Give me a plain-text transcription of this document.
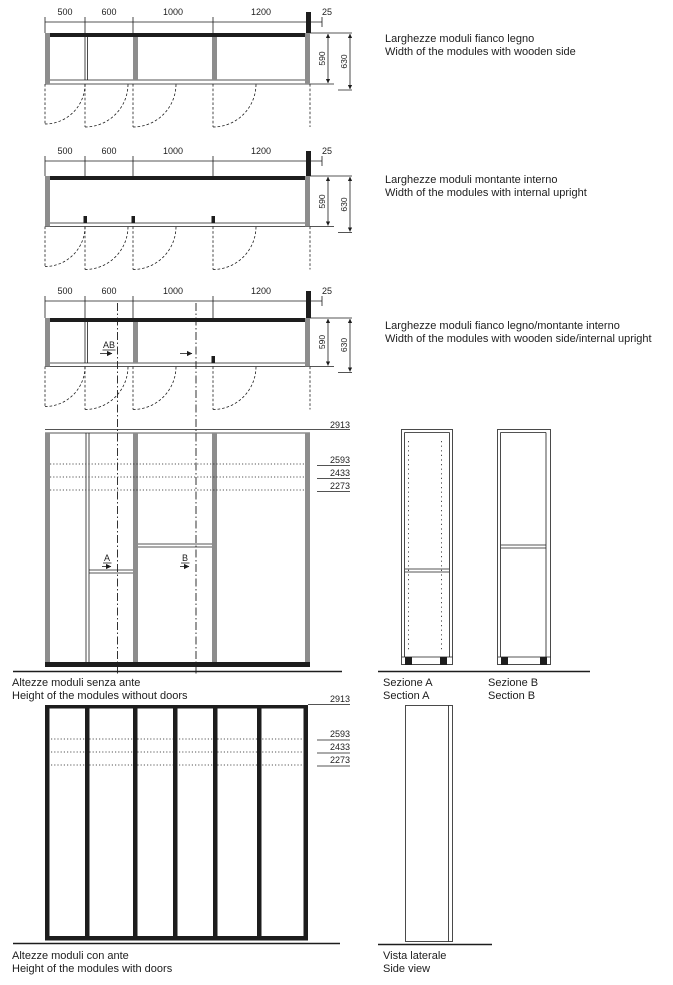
500	600	1000	1200	25
590 630
Larghezze moduli fianco legno
Width of the modules with wooden side
500	600	1000	1200	25
590 630
Larghezze moduli montante interno
Width of the modules with internal upright
500	600	1000	1200	25
590 630
Larghezze moduli fianco legno/montante interno
Width of the modules with wooden side/internal upright
AB
2913
2593
2433
2273
A	B
Altezze moduli senza ante
Height of the modules without doors
Sezione A
Section A
Sezione B
Section B
2913
2593
2433
2273
Altezze moduli con ante
Height of the modules with doors
Vista laterale
Side view
